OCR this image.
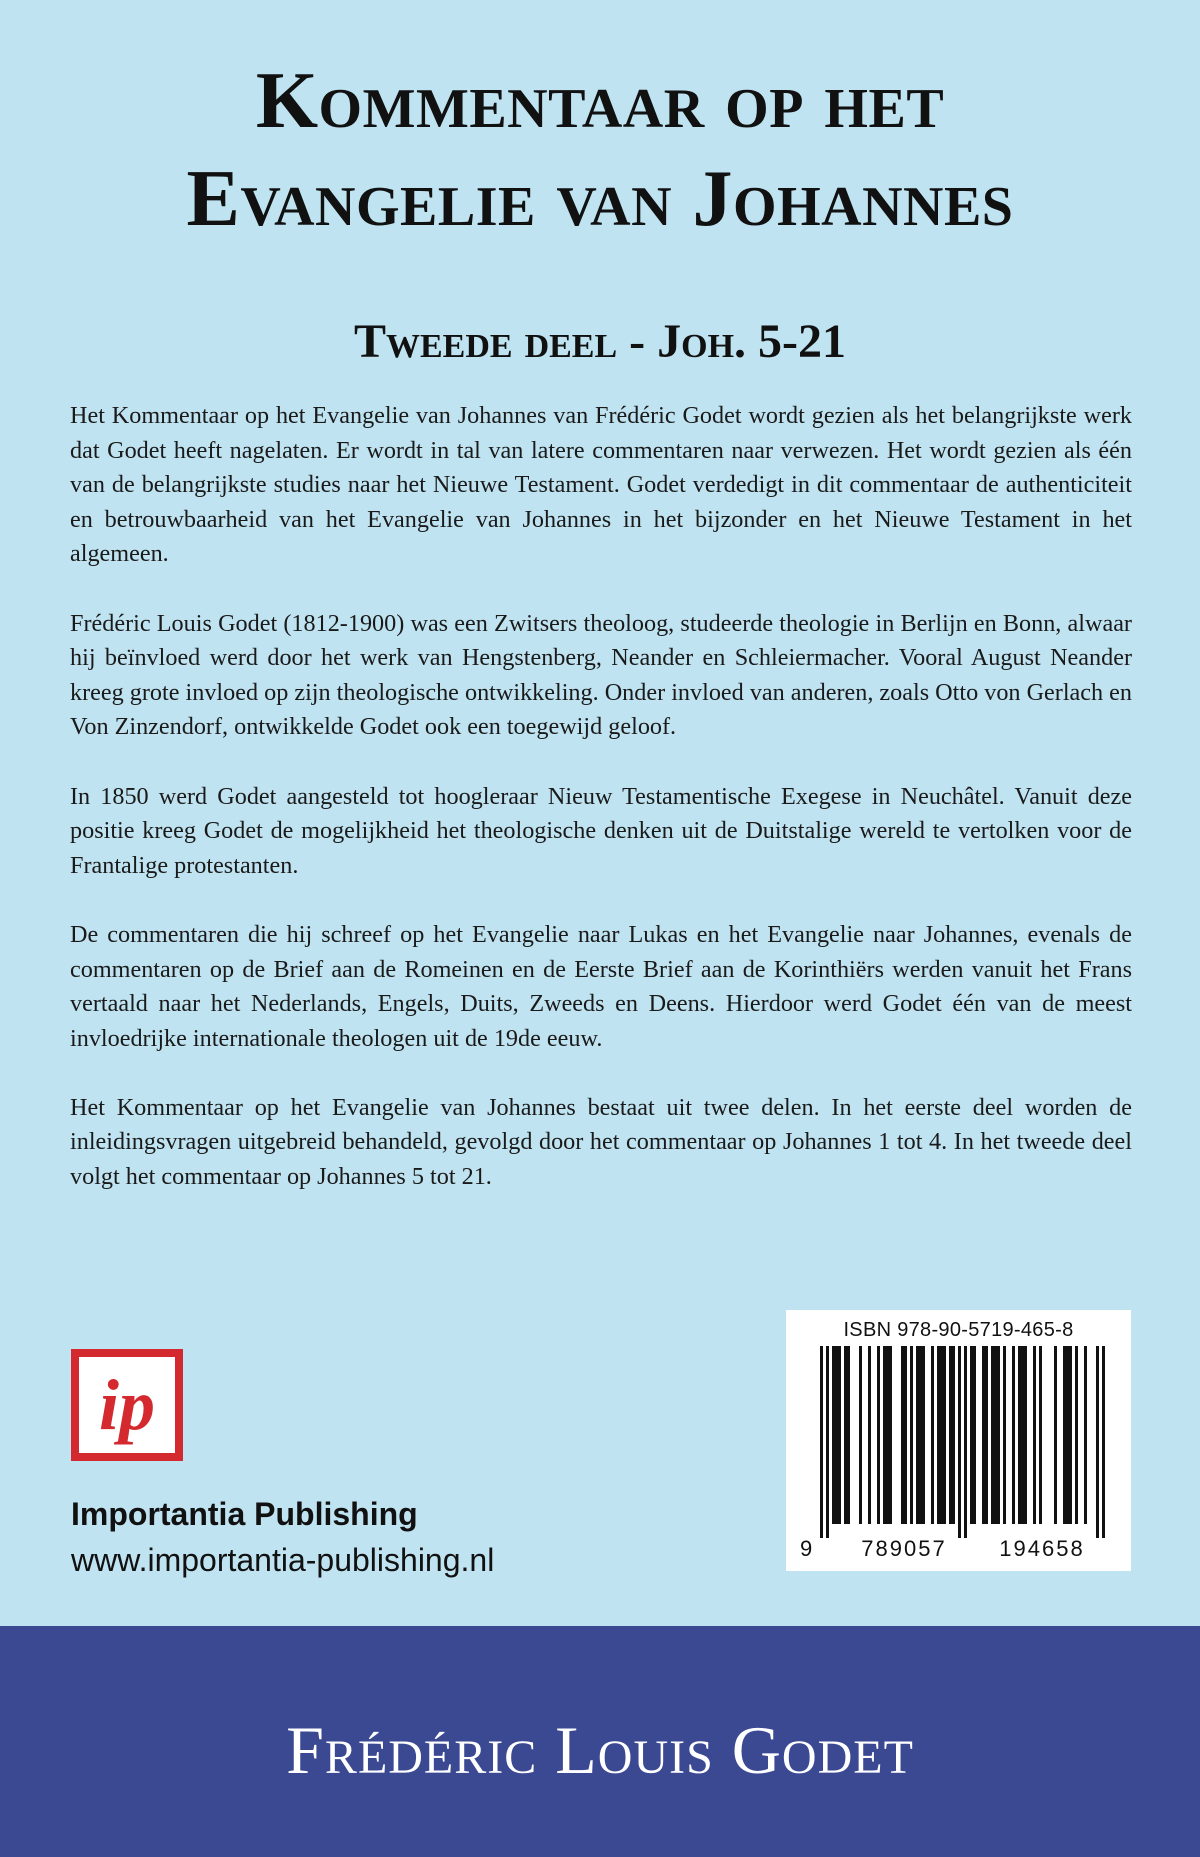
Kommentaar op het
Evangelie van Johannes
Tweede deel - Joh. 5-21

Het Kommentaar op het Evangelie van Johannes van Frédéric Godet wordt gezien als het belangrijkste werk dat Godet heeft nagelaten. Er wordt in tal van latere commentaren naar verwezen. Het wordt gezien als één van de belangrijkste studies naar het Nieuwe Testament. Godet verdedigt in dit commentaar de authenticiteit en betrouwbaarheid van het Evangelie van Johannes in het bijzonder en het Nieuwe Testament in het algemeen.

Frédéric Louis Godet (1812-1900) was een Zwitsers theoloog, studeerde theologie in Berlijn en Bonn, alwaar hij beïnvloed werd door het werk van Hengstenberg, Neander en Schleiermacher. Vooral August Neander kreeg grote invloed op zijn theologische ontwikkeling. Onder invloed van anderen, zoals Otto von Gerlach en Von Zinzendorf, ontwikkelde Godet ook een toegewijd geloof.

In 1850 werd Godet aangesteld tot hoogleraar Nieuw Testamentische Exegese in Neuchâtel. Vanuit deze positie kreeg Godet de mogelijkheid het theologische denken uit de Duitstalige wereld te vertolken voor de Frantalige protestanten.

De commentaren die hij schreef op het Evangelie naar Lukas en het Evangelie naar Johannes, evenals de commentaren op de Brief aan de Romeinen en de Eerste Brief aan de Korinthiërs werden vanuit het Frans vertaald naar het Nederlands, Engels, Duits, Zweeds en Deens. Hierdoor werd Godet één van de meest invloedrijke internationale theologen uit de 19de eeuw.

Het Kommentaar op het Evangelie van Johannes bestaat uit twee delen. In het eerste deel worden de inleidingsvragen uitgebreid behandeld, gevolgd door het commentaar op Johannes 1 tot 4. In het tweede deel volgt het commentaar op Johannes 5 tot 21.

ip
Importantia Publishing
www.importantia-publishing.nl
ISBN 978-90-5719-465-8
9	789057	194658
Frédéric Louis Godet
